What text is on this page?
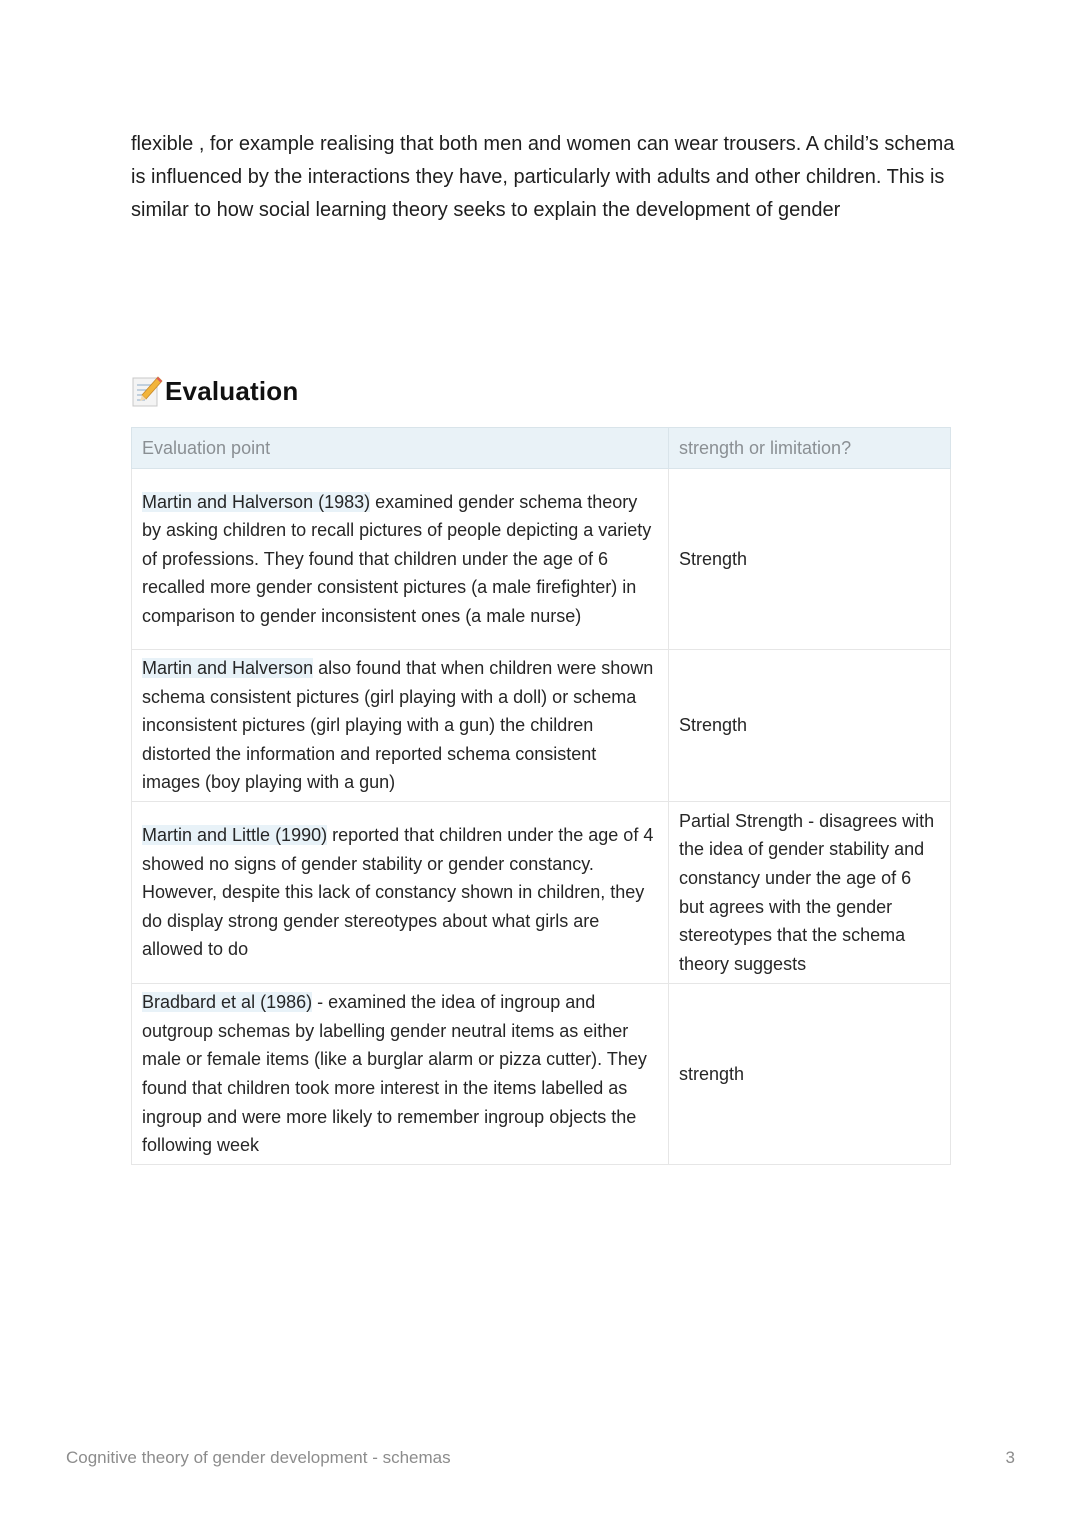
flexible , for example realising that both men and women can wear trousers. A child’s schema is influenced by the interactions they have, particularly with adults and other children. This is similar to how social learning theory seeks to explain the development of gender

Evaluation
Evaluation point	strength or limitation?
Martin and Halverson (1983) examined gender schema theory by asking children to recall pictures of people depicting a variety of professions. They found that children under the age of 6 recalled more gender consistent pictures (a male firefighter) in comparison to gender inconsistent ones (a male nurse)	Strength
Martin and Halverson also found that when children were shown schema consistent pictures (girl playing with a doll) or schema inconsistent pictures (girl playing with a gun) the children distorted the information and reported schema consistent images (boy playing with a gun)	Strength
Martin and Little (1990) reported that children under the age of 4 showed no signs of gender stability or gender constancy. However, despite this lack of constancy shown in children, they do display strong gender stereotypes about what girls are allowed to do	Partial Strength - disagrees with the idea of gender stability and constancy under the age of 6 but agrees with the gender stereotypes that the schema theory suggests
Bradbard et al (1986) - examined the idea of ingroup and outgroup schemas by labelling gender neutral items as either male or female items (like a burglar alarm or pizza cutter). They found that children took more interest in the items labelled as ingroup and were more likely to remember ingroup objects the following week	strength
Cognitive theory of gender development - schemas	3
